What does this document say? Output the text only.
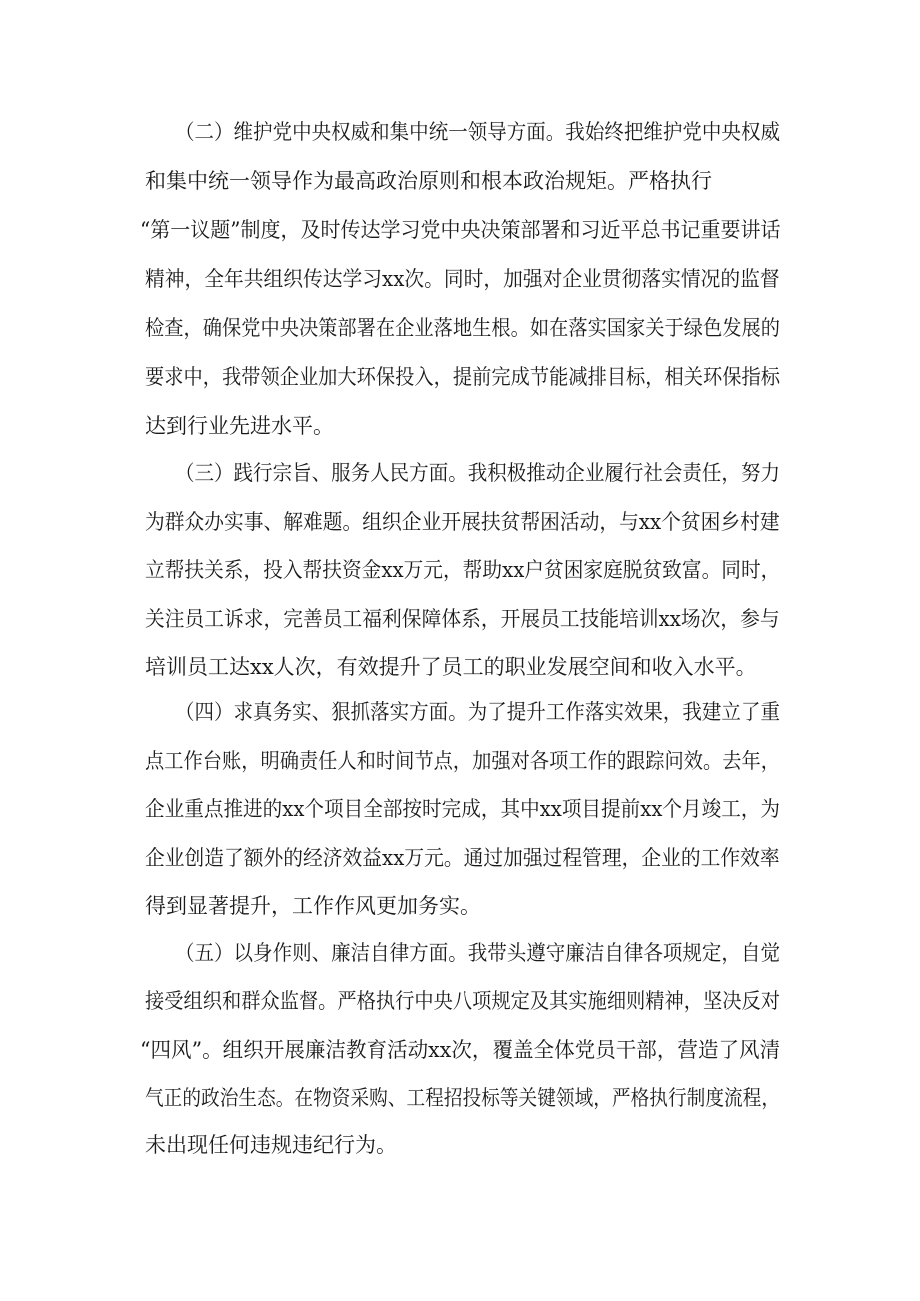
（二）维护党中央权威和集中统一领导方面。我始终把维护党中央权威
和集中统一领导作为最高政治原则和根本政治规矩。严格执行
“第一议题”制度，及时传达学习党中央决策部署和习近平总书记重要讲话
精神，全年共组织传达学习xx次。同时，加强对企业贯彻落实情况的监督
检查，确保党中央决策部署在企业落地生根。如在落实国家关于绿色发展的
要求中，我带领企业加大环保投入，提前完成节能减排目标，相关环保指标
达到行业先进水平。
（三）践行宗旨、服务人民方面。我积极推动企业履行社会责任，努力
为群众办实事、解难题。组织企业开展扶贫帮困活动，与xx个贫困乡村建
立帮扶关系，投入帮扶资金xx万元，帮助xx户贫困家庭脱贫致富。同时，
关注员工诉求，完善员工福利保障体系，开展员工技能培训xx场次，参与
培训员工达xx人次，有效提升了员工的职业发展空间和收入水平。
（四）求真务实、狠抓落实方面。为了提升工作落实效果，我建立了重
点工作台账，明确责任人和时间节点，加强对各项工作的跟踪问效。去年，
企业重点推进的xx个项目全部按时完成，其中xx项目提前xx个月竣工，为
企业创造了额外的经济效益xx万元。通过加强过程管理，企业的工作效率
得到显著提升，工作作风更加务实。
（五）以身作则、廉洁自律方面。我带头遵守廉洁自律各项规定，自觉
接受组织和群众监督。严格执行中央八项规定及其实施细则精神，坚决反对
“四风”。组织开展廉洁教育活动xx次，覆盖全体党员干部，营造了风清
气正的政治生态。在物资采购、工程招投标等关键领域，严格执行制度流程，
未出现任何违规违纪行为。
